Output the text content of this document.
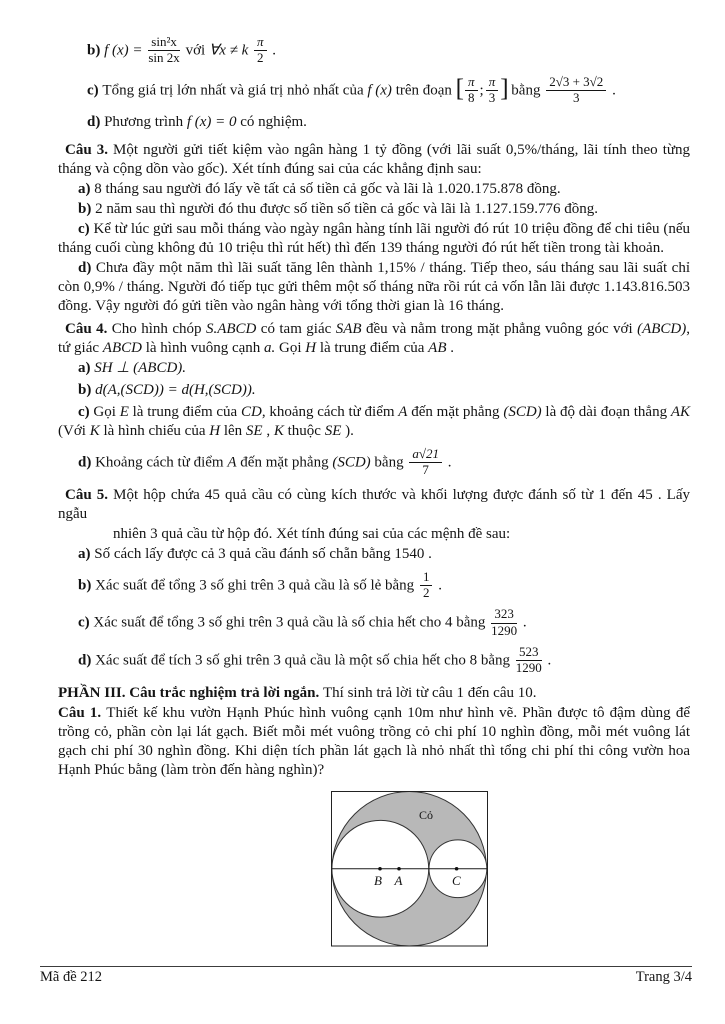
b) f $(x) = \frac{\text{sin²x}}{\sin 2x}$ với ∀x ≠ k $\frac{\pi}{2}$ .
c) Tổng giá trị lớn nhất và giá trị nhỏ nhất của f (x) trên đoạn [ $\frac{\pi}{8}$ ; $\frac{\pi}{3}$ ] bằng $\frac{2√3 + 3√2}{3}$ .
d) Phương trình f (x) = 0 có nghiệm.
Câu 3. Một người gửi tiết kiệm vào ngân hàng 1 tỷ đồng (với lãi suất 0,5%/tháng, lãi tính theo từng tháng và cộng dồn vào gốc). Xét tính đúng sai của các khẳng định sau:
a) 8 tháng sau người đó lấy về tất cả số tiền cả gốc và lãi là 1.020.175.878 đồng.
b) 2 năm sau thì người đó thu được số tiền số tiền cả gốc và lãi là 1.127.159.776 đồng.
c) Kể từ lúc gửi sau mỗi tháng vào ngày ngân hàng tính lãi người đó rút 10 triệu đồng để chi tiêu (nếu tháng cuối cùng không đủ 10 triệu thì rút hết) thì đến 139 tháng người đó rút hết tiền trong tài khoản.
d) Chưa đầy một năm thì lãi suất tăng lên thành 1,15% / tháng. Tiếp theo, sáu tháng sau lãi suất chỉ còn 0,9% / tháng. Người đó tiếp tục gửi thêm một số tháng nữa rồi rút cả vốn lẫn lãi được 1.143.816.503 đồng. Vậy người đó gửi tiền vào ngân hàng với tổng thời gian là 16 tháng.
Câu 4. Cho hình chóp S.ABCD có tam giác SAB đều và nằm trong mặt phẳng vuông góc với (ABCD), tứ giác ABCD là hình vuông cạnh a. Gọi H là trung điểm của AB .
a) SH ⊥ (ABCD).
b) d(A,(SCD)) = d(H,(SCD)).
c) Gọi E là trung điểm của CD, khoảng cách từ điểm A đến mặt phẳng (SCD) là độ dài đoạn thẳng AK (Với K là hình chiếu của H lên SE , K thuộc SE ).
d) Khoảng cách từ điểm A đến mặt phẳng (SCD) bằng $\frac{a√21}{7}$ .
Câu 5. Một hộp chứa 45 quả cầu có cùng kích thước và khối lượng được đánh số từ 1 đến 45 . Lấy ngẫu
nhiên 3 quả cầu từ hộp đó. Xét tính đúng sai của các mệnh đề sau:
a) Số cách lấy được cả 3 quả cầu đánh số chẵn bằng 1540 .
b) Xác suất để tổng 3 số ghi trên 3 quả cầu là số lẻ bằng $\frac{1}{2}$ .
c) Xác suất để tổng 3 số ghi trên 3 quả cầu là số chia hết cho 4 bằng $\frac{323}{1290}$ .
d) Xác suất để tích 3 số ghi trên 3 quả cầu là một số chia hết cho 8 bằng $\frac{523}{1290}$ .
PHẦN III. Câu trắc nghiệm trả lời ngắn. Thí sinh trả lời từ câu 1 đến câu 10.
Câu 1. Thiết kế khu vườn Hạnh Phúc hình vuông cạnh 10m như hình vẽ. Phần được tô đậm dùng để trồng cỏ, phần còn lại lát gạch. Biết mỗi mét vuông trồng cỏ chi phí 10 nghìn đồng, mỗi mét vuông lát gạch chi phí 30 nghìn đồng. Khi diện tích phần lát gạch là nhỏ nhất thì tổng chi phí thi công vườn hoa Hạnh Phúc bằng (làm tròn đến hàng nghìn)?
B A	C
Cỏ
Mã đề 212	Trang 3/4
